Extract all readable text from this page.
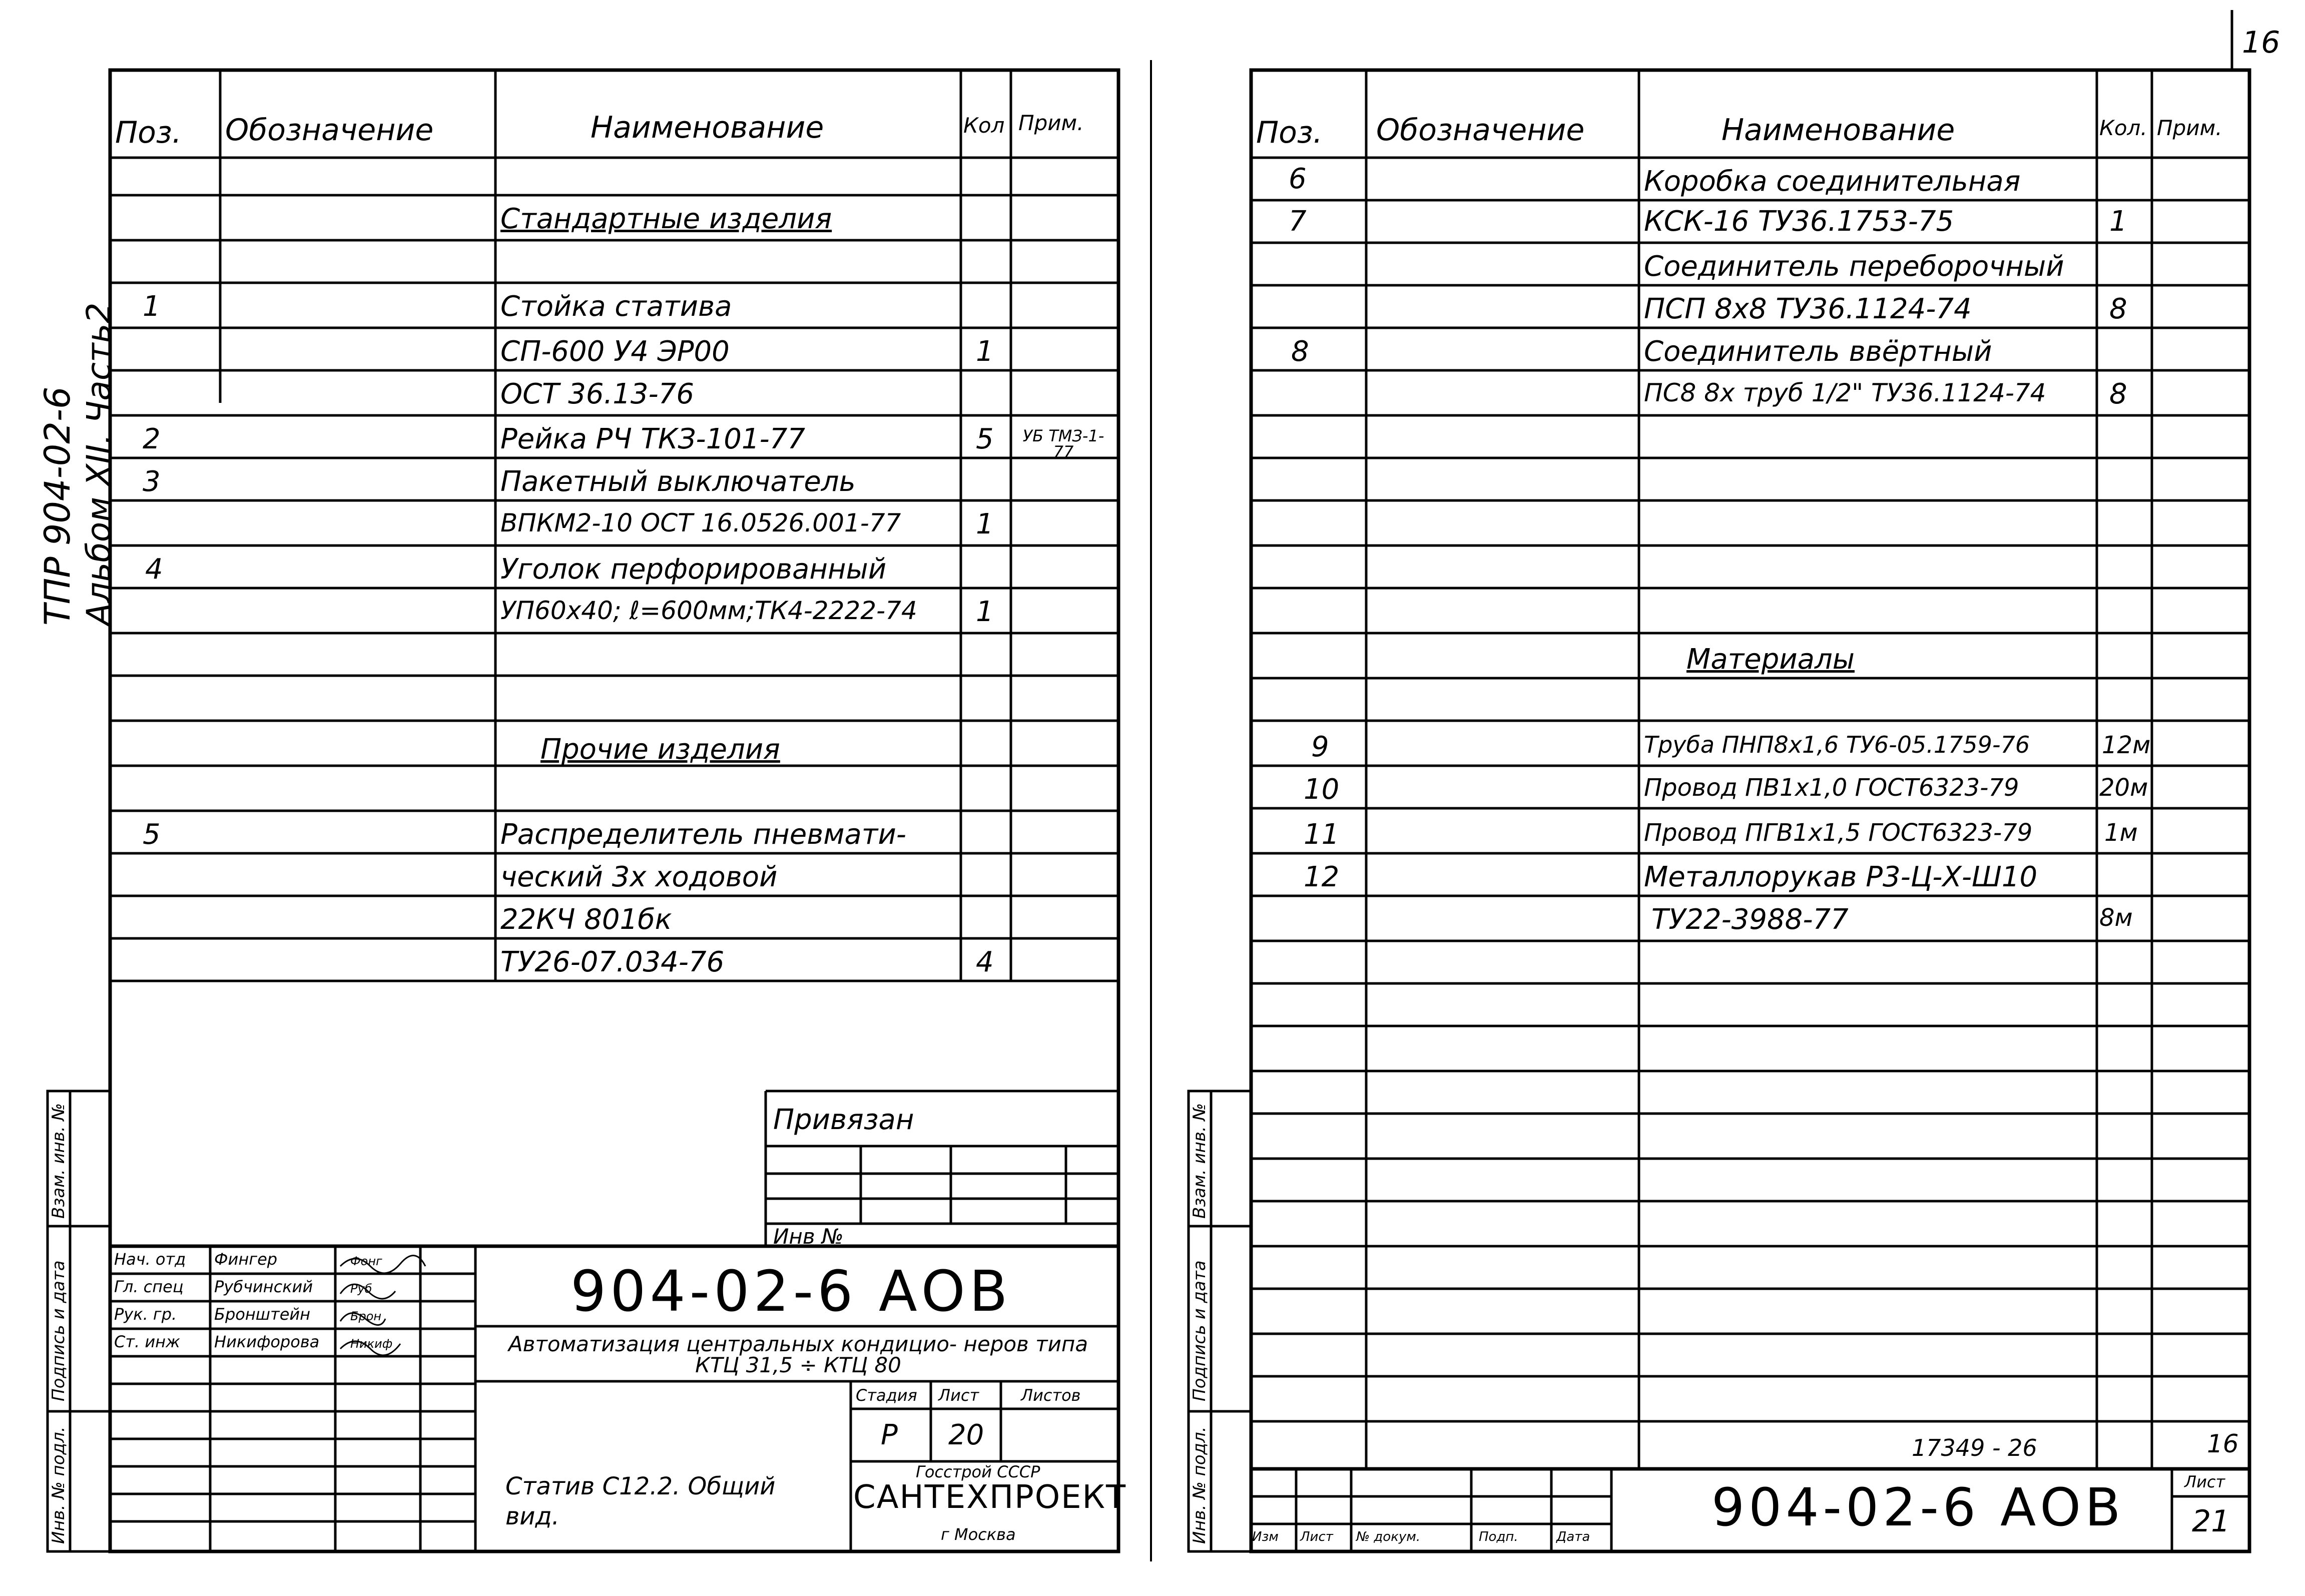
16
ТПР 904-02-6 Альбом XII. Часть2
Поз. Обозначение	Наименование	Кол Прим.
Стандартные изделия
1	Стойка статива
СП-600 У4 ЭР00	1
ОСТ 36.13-76
2	Рейка РЧ ТКЗ-101-77	5	УБ ТМЗ-1-77
3	Пакетный выключатель
ВПКМ2-10 ОСТ 16.0526.001-77	1
4	Уголок перфорированный
УП60х40; ℓ=600мм;ТК4-2222-74 1
Прочие изделия
5	Распределитель пневмати-
ческий 3х ходовой
22КЧ 801бк
ТУ26-07.034-76	4
Привязан
Инв №
Взам. инв. №
Подпись и дата
Инв. № подл.
Нач. отд Фингер
Гл. спец Рубчинский
Рук. гр. Бронштейн
Ст. инж Никифорова
Фонг
Руб
Брон
Никиф
904-02-6 АОВ
Автоматизация центральных кондицио- неров типа КТЦ 31,5 ÷ КТЦ 80
Стадия Лист	Листов
Р 20
Статив С12.2. Общий вид.
Госстрой СССР
САНТЕХПРОЕКТ
г Москва
Поз. Обозначение	Наименование	Кол. Прим.
6	Коробка соединительная
7	КСК-16 ТУ36.1753-75	1
Соединитель переборочный
ПСП 8х8 ТУ36.1124-74	8
8	Соединитель ввёртный
ПС8 8х труб 1/2" ТУ36.1124-74 8
Материалы
9	Труба ПНП8х1,6 ТУ6-05.1759-76	12м
10	Провод ПВ1х1,0 ГОСТ6323-79	20м
11	Провод ПГВ1х1,5 ГОСТ6323-79	1м
12	Металлорукав Р3-Ц-Х-Ш10
ТУ22-3988-77	8м
Взам. инв. №
Подпись и дата
Инв. № подл.	17349 - 26	16
Изм Лист № докум.	Подп.	Дата 904-02-6 АОВ	Лист
21
